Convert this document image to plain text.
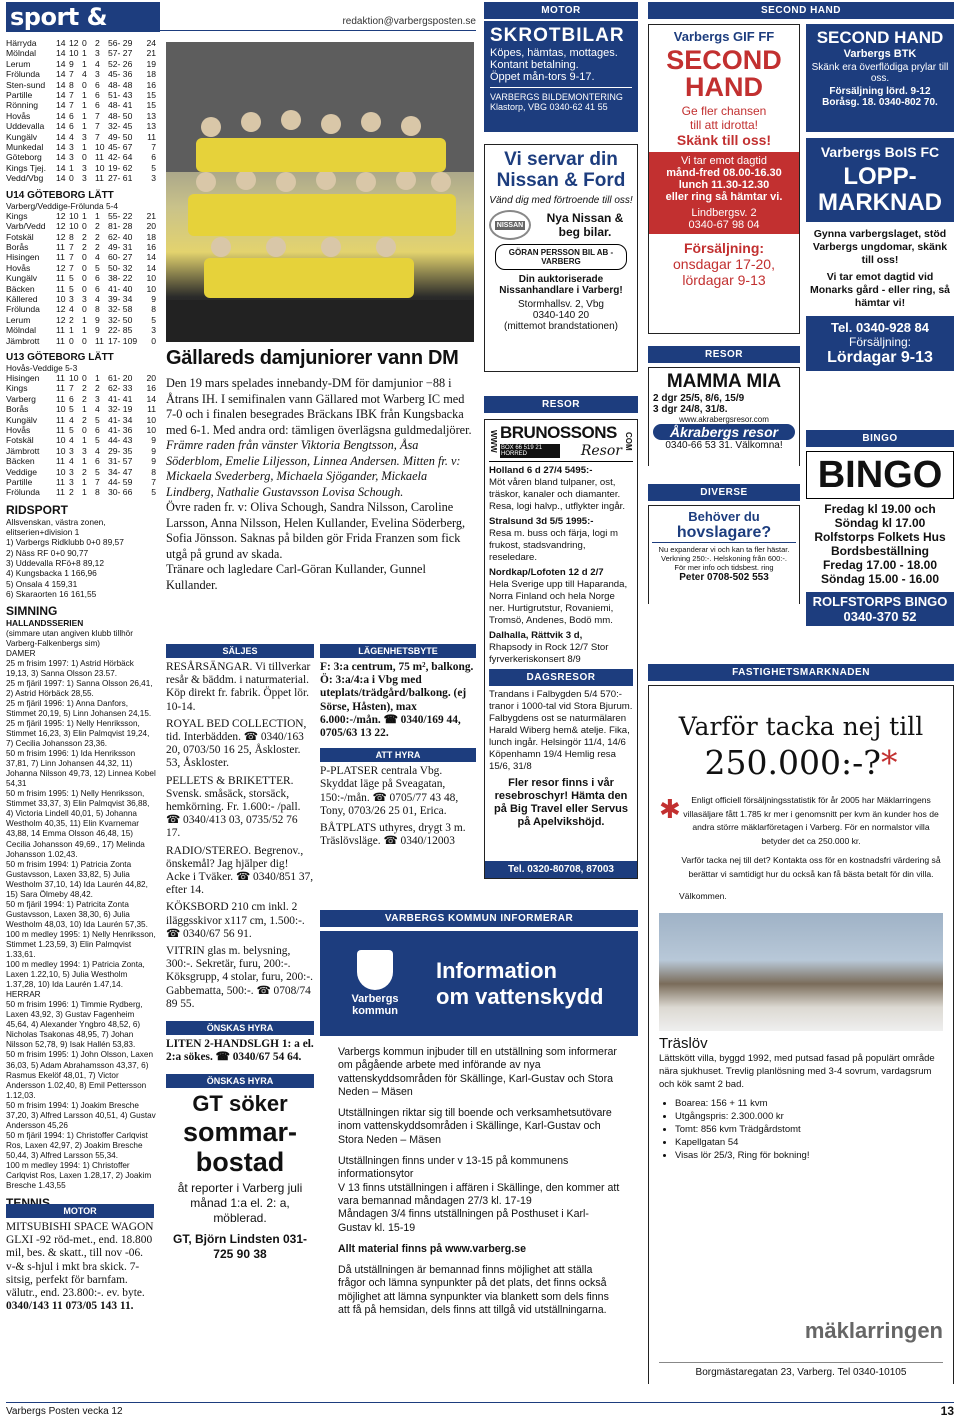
sport &	redaktion@varbergsposten.se
Härryda	14 12 0 2 56- 29	24
Mölndal	14 10 1 3 57- 27	21
Lerum	14 9 1 4 52- 26	19
Frölunda	14 7 4 3 45- 36	18
Sten-sund	14 8 0 6 48- 48	16
Partille	14 7 1 6 51- 43	15
Rönning	14 7 1 6 48- 41	15
Hovås	14 6 1 7 48- 50	13
Uddevalla	14 6 1 7 32- 45	13
Kungälv	14 4 3 7 49- 50	11
Munkedal	14 3 1 10 45- 67	7
Göteborg	14 3 0 11 42- 64	6
Kings Tjej.	14 1 3 10 19- 62	5
Vedd/Vbg	14 0 3 11 27- 61	3
U14 GÖTEBORG LÄTT
Varberg/Veddige-Frölunda 5-4
Kings	12 10 1 1 55- 22	21
Varb/Vedd	12 10 0 2 81- 28	20
Fotskäl	12 8 2 2 62- 40	18
Borås	11 7 2 2 49- 31	16
Hisingen	11 7 0 4 60- 27	14
Hovås	12 7 0 5 50- 32	14
Kungälv	11 5 0 6 38- 22	10
Bäcken	11 5 0 6 41- 40	10
Källered	10 3 3 4 39- 34	9
Frölunda	12 4 0 8 32- 58	8
Lerum	12 2 1 9 32- 50	5
Mölndal	11 1 1 9 22- 85	3
Jämbrott	11 0 0 11 17- 109	0
U13 GÖTEBORG LÄTT
Hovås-Veddige 5-3
Hisingen	11 10 0 1 61- 20	20
Kings	11 7 2 2 62- 33	16
Varberg	11 6 2 3 41- 41	14
Borås	10 5 1 4 32- 19	11
Kungälv	11 4 2 5 41- 34	10
Hovås	11 5 0 6 41- 36	10
Fotskäl	10 4 1 5 44- 43	9
Jämbrott	10 3 3 4 29- 35	9
Bäcken	11 4 1 6 31- 57	9
Veddige	10 3 2 5 34- 47	8
Partille	11 3 1 7 44- 59	7
Frölunda	11 2 1 8 30- 66	5
RIDSPORT
Allsvenskan, västra zonen, elitserien+division 1
1) Varbergs Ridklubb 0+0 89,57
2) Näss RF 0+0 90,77
3) Uddevalla RFö+8 89,12
4) Kungsbacka 1 166,96
5) Onsala 4 159,31
6) Skaraorten 16 161,55
SIMNING
HALLANDSSERIEN
(simmare utan angiven klubb tillhör Varberg-Falkenbergs sim)
DAMER
25 m frisim 1997: 1) Astrid Hörbäck 19,13, 3) Sanna Olsson 23.57.
25 m fjäril 1997: 1) Sanna Olsson 26,41, 2) Astrid Hörbäck 28,55.
25 m fjäril 1996: 1) Anna Danfors, Stimmet 20,19, 5) Linn Johansen 24,15.
25 m fjäril 1995: 1) Nelly Henriksson, Stimmet 16,23, 3) Elin Palmqvist 19,24, 7) Cecilia Johansson 23,36.
50 m frisim 1996: 1) Ida Henriksson 37,81, 7) Linn Johansen 44,32, 11) Johanna Nilsson 49,73, 12) Linnea Kobel 54,31
50 m frisim 1995: 1) Nelly Henriksson, Stimmet 33,37, 3) Elin Palmqvist 36,88, 4) Victoria Lindell 40,01, 5) Johanna Westholm 40,35, 11) Elin Kvarnemar 43,88, 14 Emma Olsson 46,48, 15) Cecilia Johansson 49,69., 17) Melinda Johansson 1.02,43.
50 m frisim 1994: 1) Patricia Zonta Gustavsson, Laxen 33,82, 5) Julia Westholm 37,10, 14) Ida Laurén 44,82, 15) Sara Ölmeby 48,42.
50 m fjäril 1994: 1) Patricita Zonta Gustavsson, Laxen 38,30, 6) Julia Westholm 48,03, 10) Ida Laurén 57,35.
100 m medley 1995: 1) Nelly Henriksson, Stimmet 1.23,59, 3) Elin Palmqvist 1.33,61.
100 m medley 1994: 1) Patricia Zonta, Laxen 1.22,10, 5) Julia Westholm 1.37,28, 10) Ida Laurén 1.47,14.
HERRAR
50 m frisim 1996: 1) Timmie Rydberg, Laxen 43,92, 3) Gustav Fagenheim 45,64, 4) Alexander Yngbro 48,52, 6) Nicholas Tsakonas 48,95, 7) Johan Nilsson 52,78, 9) Isak Hallén 53,83.
50 m frisim 1995: 1) John Olsson, Laxen 36,03, 5) Adam Abrahamsson 43,37, 6) Rasmus Ekelöf 48,01, 7) Victor Andersson 1.02,40, 8) Emil Pettersson 1.12,03.
50 m frisim 1994: 1) Joakim Bresche 37,20, 3) Alfred Larsson 40,51, 4) Gustav Andersson 45,26
50 m fjäril 1994: 1) Christoffer Carlqvist Ros, Laxen 42,97, 2) Joakim Bresche 50,44, 3) Alfred Larsson 55,34.
100 m medley 1994: 1) Christoffer Carlqvist Ros, Laxen 1.28,17, 2) Joakim Bresche 1.43,55
MOTOR

MITSUBISHI SPACE WAGON GLXI -92 röd-met., end. 18.800 mil, bes. & skatt., till nov -06. v-& s-hjul i mkt bra skick. 7-sitsig, perfekt för barnfam. välutr., end. 23.800:-. ev. byte.

0340/143 11 073/05 143 11.

Gällareds damjuniorer vann DM

Den 19 mars spelades innebandy-DM för damjunior −88 i Åtrans IH. I semifinalen vann Gällared mot Warberg IC med 7-0 och i finalen besegrades Bräckans IBK från Kungsbacka med 6-1. Med andra ord: tämligen överlägsna guldmedaljörer.

Främre raden från vänster Viktoria Bengtsson, Åsa Söderblom, Emelie Liljesson, Linnea Andersen. Mitten fr. v: Mickaela Svederberg, Michaela Sjögander, Mickaela Lindberg, Nathalie Gustavsson Lovisa Schough.

Övre raden fr. v: Oliva Schough, Sandra Nilsson, Caroline Larsson, Anna Nilsson, Helen Kullander, Evelina Söderberg, Sofia Jönsson. Saknas på bilden gör Frida Franzen som fick utgå på grund av skada.

Tränare och lagledare Carl-Göran Kullander, Gunnel Kullander.

SÄLJES

RESÅRSÄNGAR. Vi tillverkar resår & bäddm. i naturmaterial. Köp direkt fr. fabrik. Öppet lör. 10-14.

ROYAL BED COLLECTION, tid. Interbädden. ☎ 0340/163 20, 0703/50 16 25, Åskloster. 53, Åskloster.

PELLETS & BRIKETTER. Svensk. småsäck, storsäck, hemkörning. Fr. 1.600:- /pall. ☎ 0340/413 03, 0735/52 76 17.

RADIO/STEREO. Begrenov., önskemål? Jag hjälper dig! Acke i Tväker. ☎ 0340/851 37, efter 14.

KÖKSBORD 210 cm inkl. 2 iläggsskivor x117 cm, 1.500:-. ☎ 0340/67 56 91.

VITRIN glas m. belysning, 300:-. Sekretär, furu, 200:-. Köksgrupp, 4 stolar, furu, 200:-. Gabbematta, 500:-. ☎ 0708/74 89 55.

ÖNSKAS HYRA

LITEN 2-HANDSLGH 1: a el. 2:a sökes. ☎ 0340/67 54 64.

ÖNSKAS HYRA
GT söker
sommar-bostad
åt reporter i Varberg juli månad 1:a el. 2: a, möblerad.
GT, Björn Lindsten 031-725 90 38
LÄGENHETSBYTE

F: 3:a centrum, 75 m², balkong. Ö: 3:a/4:a i Vbg med uteplats/trädgård/balkong. (ej Sörse, Håsten), max 6.000:-/mån. ☎ 0340/169 44, 0705/63 13 22.

ATT HYRA

P-PLATSER centrala Vbg. Skyddat läge på Sveagatan, 150:-/mån. ☎ 0705/77 43 48, Tony, 0703/26 25 01, Erica.

BÅTPLATS uthyres, drygt 3 m. Träslövsläge. ☎ 0340/12003

MOTOR
SKROTBILAR
Köpes, hämtas, mottages.
Kontant betalning.
Öppet mån-tors 9-17.
VARBERGS BILDEMONTERING
Klastorp, VBG 0340-62 41 55
Vi servar din Nissan & Ford
Vänd dig med förtroende till oss!
NISSAN	Nya Nissan & beg bilar.
GÖRAN PERSSON BIL AB - VARBERG
Din auktoriserade Nissanhandlare i Varberg!
Stormhallsv. 2, Vbg
0340-140 20
(mittemot brandstationen)
RESOR
WWW BRUNOSSONS
BOX 66 519 21 HORRED	Resor
COM
Holland 6 d 27/4 5495:-
Möt våren bland tulpaner, ost, träskor, kanaler och diamanter. Resa, logi halvp., utflykter ingår.
Stralsund 3d 5/5 1995:-
Resa m. buss och färja, logi m frukost, stadsvandring, reseledare.
Nordkap/Lofoten 12 d 2/7
Hela Sverige upp till Haparanda, Norra Finland och hela Norge ner. Hurtigrutstur, Rovaniemi, Tromsö, Andenes, Bodö mm.
Dalhalla, Rättvik 3 d,
Rhapsody in Rock 12/7 Stor fyrverkeriskonsert 8/9
DAGSRESOR
Trandans i Falbygden 5/4 570:- tranor i 1000-tal vid Stora Bjurum. Falbygdens ost se naturmälaren Harald Wiberg hem& atelje. Fika, lunch ingår. Helsingör 11/4, 14/6 Köpenhamn 19/4 Hemlig resa 15/6, 31/8
Fler resor finns i vår resebroschyr! Hämta den på Big Travel eller Servus på Apelvikshöjd.
Tel. 0320-80708, 87003
SECOND HAND
Varbergs GIF FF
SECOND HAND
Ge fler chansen
till att idrotta!
Skänk till oss!
Vi tar emot dagtid
månd-fred 08.00-16.30
lunch 11.30-12.30
eller ring så hämtar vi.
Lindbergsv. 2
0340-67 98 04
Försäljning:
onsdagar 17-20,
lördagar 9-13
SECOND HAND
Varbergs BTK
Skänk era överflödiga prylar till oss.
Försäljning lörd. 9-12
Boråsg. 18. 0340-802 70.
Varbergs BoIS FC
LOPP-MARKNAD
Gynna varbergslaget, stöd Varbergs ungdomar, skänk till oss!
Vi tar emot dagtid vid Monarks gård - eller ring, så hämtar vi!
Tel. 0340-928 84
Försäljning:
Lördagar 9-13
RESOR
MAMMA MIA
2 dgr 25/5, 8/6, 15/9
3 dgr 24/8, 31/8.
www.akrabergsresor.com
Åkrabergs resor
0340-66 53 31. Välkomna!
BINGO
BINGO
Fredag kl 19.00 och
Söndag kl 17.00
Rolfstorps Folkets Hus
Bordsbeställning
Fredag 17.00 - 18.00
Söndag 15.00 - 16.00
ROLFSTORPS BINGO
0340-370 52
DIVERSE
Behöver du
hovslagare?
Nu expanderar vi och kan ta fler hästar.
Verkning 250:-. Helskoning från 600:-.
För mer info och tidsbest. ring
Peter 0708-502 553
VARBERGS KOMMUN INFORMERAR
Varbergs
kommun
Information
om vattenskydd

Varbergs kommun injbuder till en utställning som informerar om pågående arbete med införande av nya vattenskyddsområden för Skällinge, Karl-Gustav och Stora Neden – Mäsen

Utställningen riktar sig till boende och verksamhetsutövare inom vattenskyddsområden i Skällinge, Karl-Gustav och Stora Neden – Mäsen

Utställningen finns under v 13-15 på kommunens informationsytor
V 13 finns utställningen i affären i Skällinge, den kommer att vara bemannad måndagen 27/3 kl. 17-19
Måndagen 3/4 finns utställningen på Posthuset i Karl-Gustav kl. 15-19

Allt material finns på www.varberg.se

Då utställningen är bemannad finns möjlighet att ställa frågor och lämna synpunkter på det plats, det finns också möjlighet att lämna synpunkter via blankett som dels finns att få på hemsidan, dels finns att tillgå vid utställningarna.

FASTIGHETSMARKNADEN
Varför tacka nej till
250.000:-?*
✱	Enligt officiell försäljningsstatistik för år 2005 har Mäklarringens villasäljare fått 1.785 kr mer i genomsnitt per kvm än kunder hos de andra större mäklarföretagen i Varberg. För en normalstor villa betyder det ca 250.000 kr.

Varför tacka nej till det? Kontakta oss för en kostnadsfri värdering så berättar vi samtidigt hur du också kan få bästa betalt för din villa.

Välkommen.

Träslöv
Lättskött villa, byggd 1992, med putsad fasad på populärt område nära sjukhuset. Trevlig planlösning med 3-4 sovrum, vardagsrum och kök samt 2 bad.
• Boarea: 156 + 11 kvm
• Utgångspris: 2.300.000 kr
• Tomt: 856 kvm Trädgårdstomt
• Kapellgatan 54
• Visas lör 25/3, Ring för bokning!
mäklarringen
Borgmästaregatan 23, Varberg. Tel 0340-10105
Varbergs Posten vecka 12	13
